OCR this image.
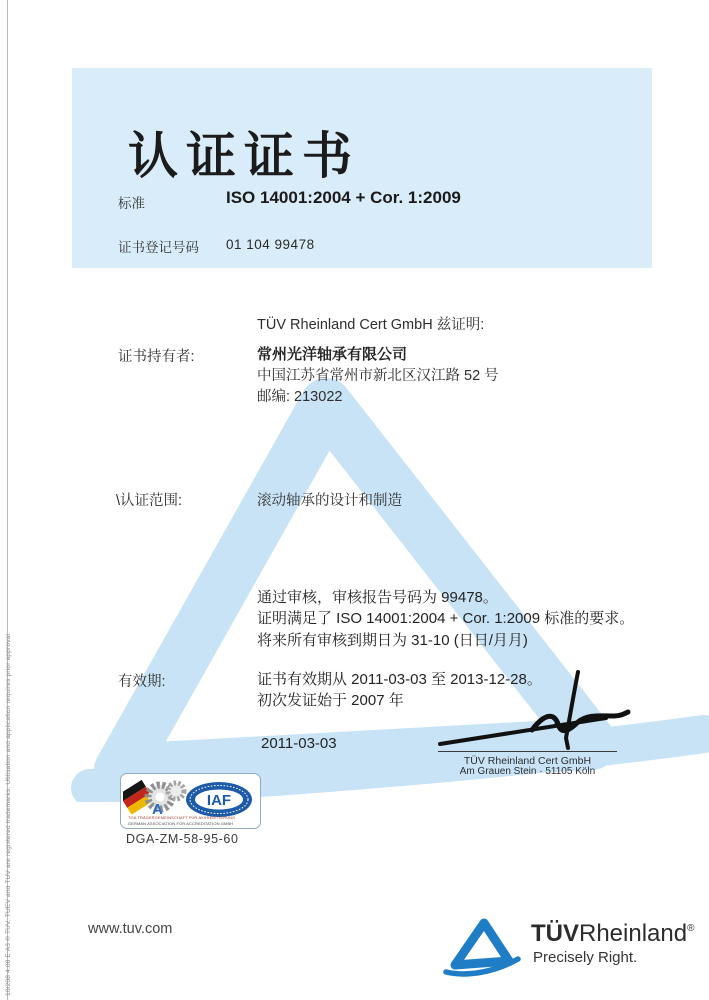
10/208 4.08 E A3 ® TUV, TUEV and TUV are registered trademarks. Utilisation and application requires prior approval.
认证证书
标准	ISO 14001:2004 + Cor. 1:2009
证书登记号码 01 104 99478
TÜV Rheinland Cert GmbH 兹证明:
证书持有者:	常州光洋轴承有限公司
中国江苏省常州市新北区汉江路 52 号
邮编: 213022
\认证范围:	滚动轴承的设计和制造
通过审核，审核报告号码为 99478。
证明满足了 ISO 14001:2004 + Cor. 1:2009 标准的要求。
将来所有审核到期日为 31-10 (日日/月月)
有效期:	证书有效期从 2011-03-03 至 2013-12-28。
初次发证始于 2007 年
2011-03-03
TÜV Rheinland Cert GmbH
Am Grauen Stein · 51105 Köln
A
IAF
TGA TRÄGERGEMEINSCHAFT FÜR AKKREDITIERUNG
GERMAN ASSOCIATION FOR ACCREDITATION GMBH
DGA-ZM-58-95-60
www.tuv.com	TÜVRheinland®
Precisely Right.
